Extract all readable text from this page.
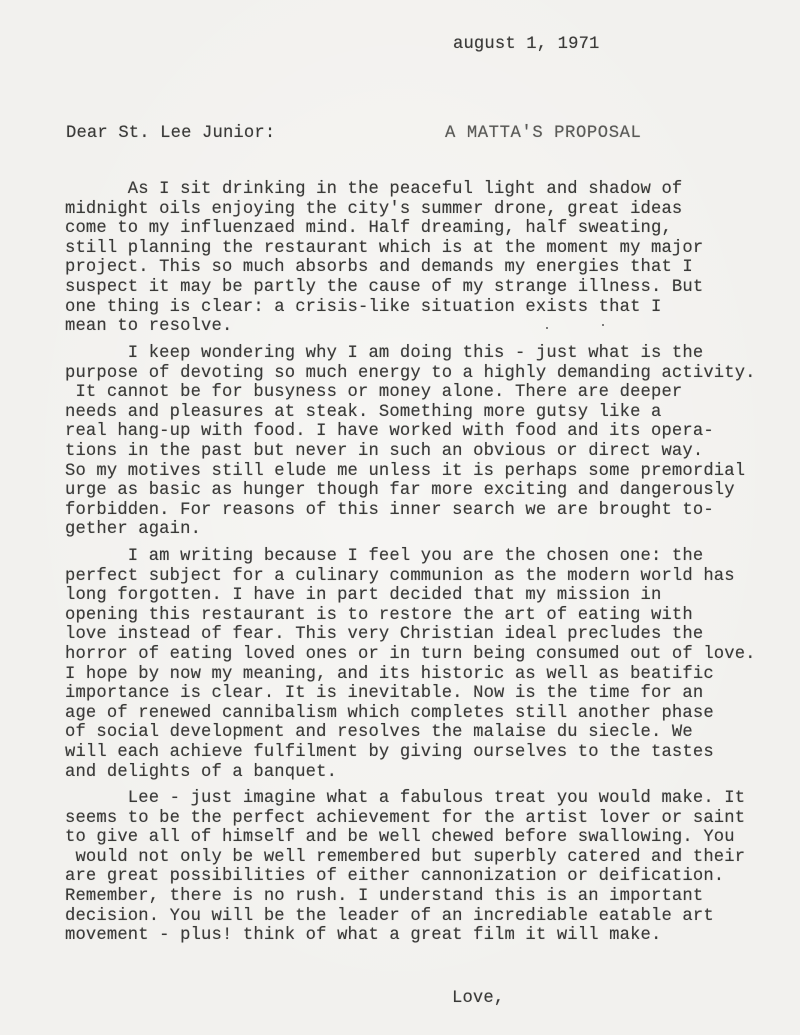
august 1, 1971

Dear St. Lee Junior:	A MATTA'S PROPOSAL

As I sit drinking in the peaceful light and shadow of
midnight oils enjoying the city's summer drone, great ideas
come to my influenzaed mind. Half dreaming, half sweating,
still planning the restaurant which is at the moment my major
project. This so much absorbs and demands my energies that I
suspect it may be partly the cause of my strange illness. But
one thing is clear: a crisis-like situation exists that I
mean to resolve.

I keep wondering why I am doing this - just what is the
purpose of devoting so much energy to a highly demanding activity.
It cannot be for busyness or money alone. There are deeper
needs and pleasures at steak. Something more gutsy like a
real hang-up with food. I have worked with food and its opera-
tions in the past but never in such an obvious or direct way.
So my motives still elude me unless it is perhaps some premordial
urge as basic as hunger though far more exciting and dangerously
forbidden. For reasons of this inner search we are brought to-
gether again.

I am writing because I feel you are the chosen one: the
perfect subject for a culinary communion as the modern world has
long forgotten. I have in part decided that my mission in
opening this restaurant is to restore the art of eating with
love instead of fear. This very Christian ideal precludes the
horror of eating loved ones or in turn being consumed out of love.
I hope by now my meaning, and its historic as well as beatific
importance is clear. It is inevitable. Now is the time for an
age of renewed cannibalism which completes still another phase
of social development and resolves the malaise du siecle. We
will each achieve fulfilment by giving ourselves to the tastes
and delights of a banquet.

Lee - just imagine what a fabulous treat you would make. It
seems to be the perfect achievement for the artist lover or saint
to give all of himself and be well chewed before swallowing. You
would not only be well remembered but superbly catered and their
are great possibilities of either cannonization or deification.
Remember, there is no rush. I understand this is an important
decision. You will be the leader of an incrediable eatable art
movement - plus! think of what a great film it will make.

Love,
